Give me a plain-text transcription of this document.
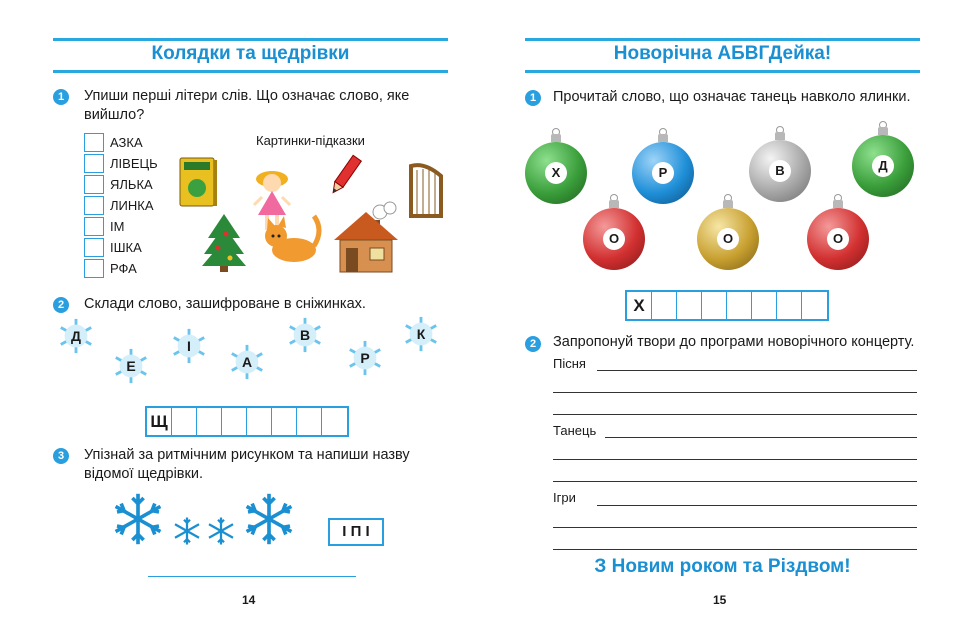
Колядки та щедрівки
1	Упиши перші літери слів. Що означає слово, яке вийшло?
АЗКА
ЛІВЕЦЬ
ЯЛЬКА
ЛИНКА
ІМ
ІШКА
РФА
Картинки-підказки
2	Склади слово, зашифроване в сніжинках.
Д
Е
І
А
В
Р
К
Щ
3	Упізнай за ритмічним рисунком та напиши назву відомої щедрівки.
І П І
14
Новорічна АБВГДейка!
1	Прочитай слово, що означає танець навколо ялинки.
Х	Р	В	Д
О	О	О
Х
2	Запропонуй твори до програми новорічного концерту.
Пісня
Танець
Ігри
З Новим роком та Різдвом!
15
